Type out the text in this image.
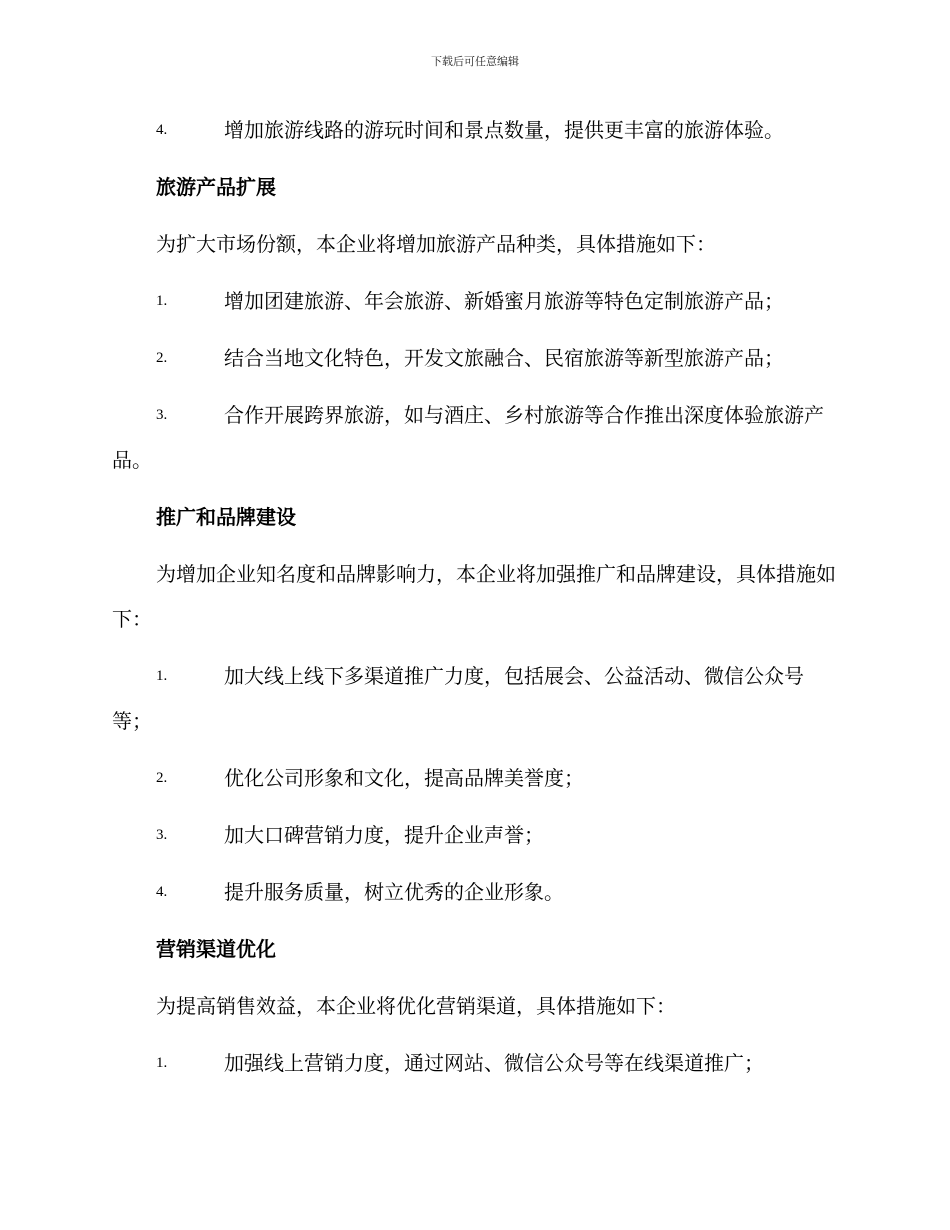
下载后可任意编辑
4.	增加旅游线路的游玩时间和景点数量，提供更丰富的旅游体验。
旅游产品扩展
为扩大市场份额，本企业将增加旅游产品种类，具体措施如下：
1.	增加团建旅游、年会旅游、新婚蜜月旅游等特色定制旅游产品；
2.	结合当地文化特色，开发文旅融合、民宿旅游等新型旅游产品；
3.	合作开展跨界旅游，如与酒庄、乡村旅游等合作推出深度体验旅游产品。
推广和品牌建设
为增加企业知名度和品牌影响力，本企业将加强推广和品牌建设，具体措施如下：
1.	加大线上线下多渠道推广力度，包括展会、公益活动、微信公众号等；
2.	优化公司形象和文化，提高品牌美誉度；
3.	加大口碑营销力度，提升企业声誉；
4.	提升服务质量，树立优秀的企业形象。
营销渠道优化
为提高销售效益，本企业将优化营销渠道，具体措施如下：
1.	加强线上营销力度，通过网站、微信公众号等在线渠道推广；
